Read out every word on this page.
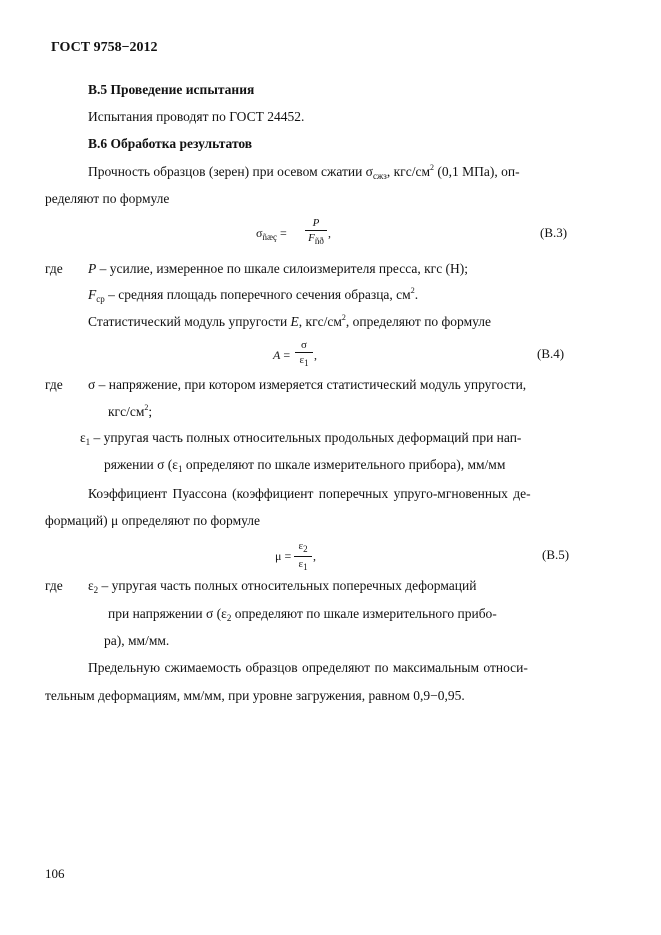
ГОСТ 9758−2012
В.5 Проведение испытания
Испытания проводят по ГОСТ 24452.
В.6 Обработка результатов
Прочность образцов (зерен) при осевом сжатии $\sigma_{сжз}$, кгс/$см^2$ (0,1 МПа), оп-
ределяют по формуле
$\sigma_{ñæç}$ =
P
$F_{ñð}$
,	(В.3)
где P – усилие, измеренное по шкале силоизмерителя пресса, кгс (Н);
$F_{ср}$ – средняя площадь поперечного сечения образца, $см^2$.
Статистический модуль упругости E, кгс/$см^2$, определяют по формуле
A =
σ
$\varepsilon_1$
,	(В.4)
где σ – напряжение, при котором измеряется статистический модуль упругости,
кгс/$см^2$;
$\varepsilon_1$ – упругая часть полных относительных продольных деформаций при нап-
ряжении σ ($\varepsilon_1$ определяют по шкале измерительного прибора), мм/мм
Коэффициент Пуассона (коэффициент поперечных упруго-мгновенных де-
формаций) μ определяют по формуле
μ =
$\varepsilon_2$
$\varepsilon_1$
,	(В.5)
где $\varepsilon_2$ – упругая часть полных относительных поперечных деформаций
при напряжении σ ($\varepsilon_2$ определяют по шкале измерительного прибо-
ра), мм/мм.
Предельную сжимаемость образцов определяют по максимальным относи-
тельным деформациям, мм/мм, при уровне загружения, равном 0,9−0,95.
106
